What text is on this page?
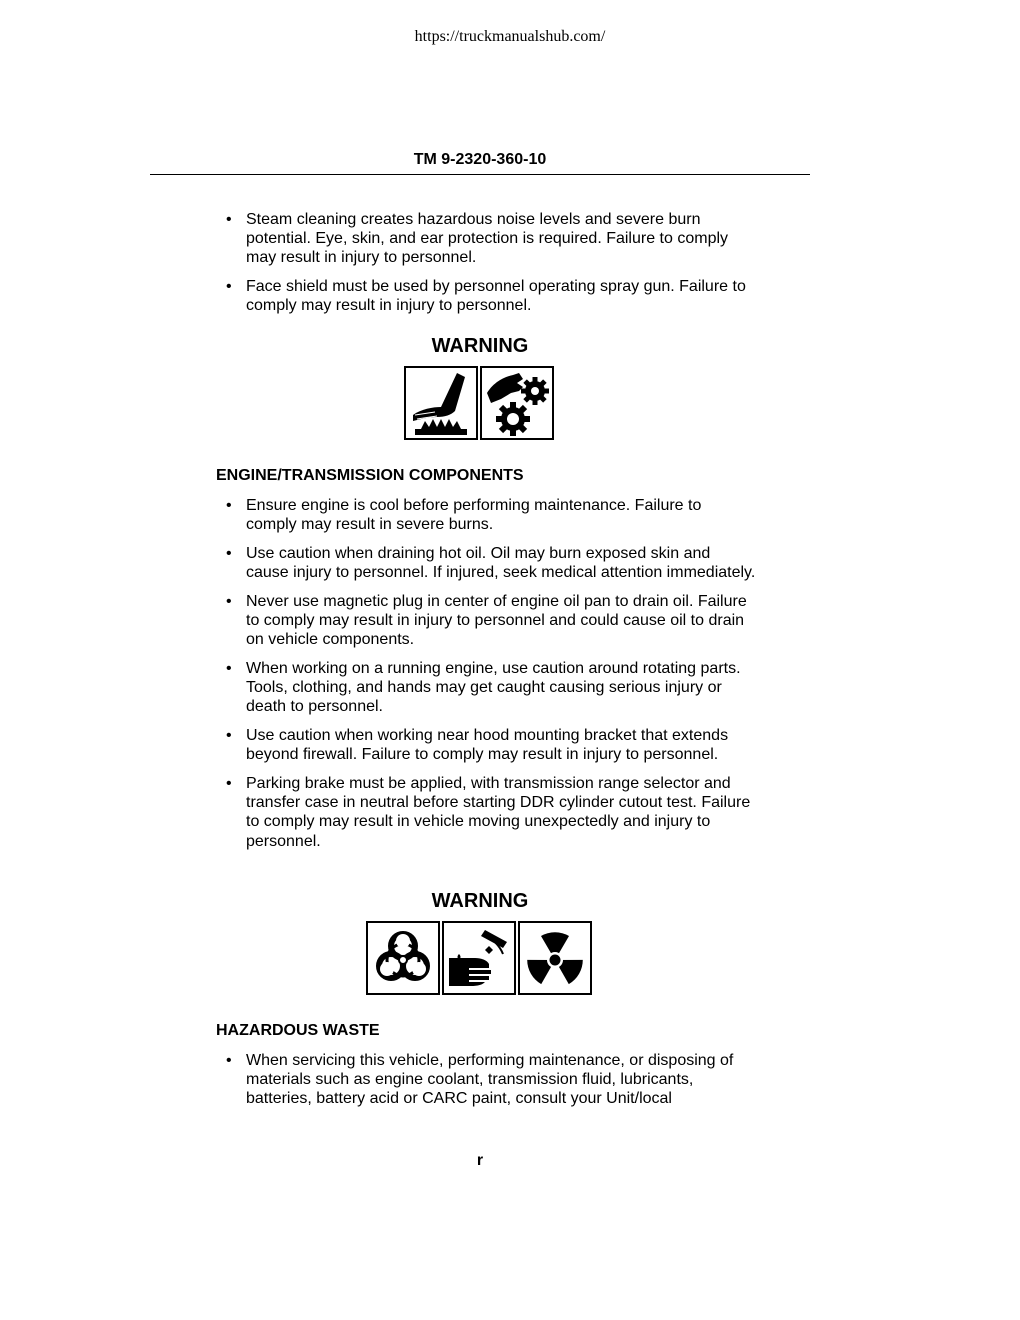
https://truckmanualshub.com/
TM 9-2320-360-10
• Steam cleaning creates hazardous noise levels and severe burn potential. Eye, skin, and ear protection is required. Failure to comply may result in injury to personnel.
• Face shield must be used by personnel operating spray gun. Failure to comply may result in injury to personnel.
WARNING
ENGINE/TRANSMISSION COMPONENTS
• Ensure engine is cool before performing maintenance. Failure to comply may result in severe burns.
• Use caution when draining hot oil. Oil may burn exposed skin and cause injury to personnel. If injured, seek medical attention immediately.
• Never use magnetic plug in center of engine oil pan to drain oil. Failure to comply may result in injury to personnel and could cause oil to drain on vehicle components.
• When working on a running engine, use caution around rotating parts. Tools, clothing, and hands may get caught causing serious injury or death to personnel.
• Use caution when working near hood mounting bracket that extends beyond firewall. Failure to comply may result in injury to personnel.
• Parking brake must be applied, with transmission range selector and transfer case in neutral before starting DDR cylinder cutout test. Failure to comply may result in vehicle moving unexpectedly and injury to personnel.
WARNING
HAZARDOUS WASTE
• When servicing this vehicle, performing maintenance, or disposing of materials such as engine coolant, transmission fluid, lubricants, batteries, battery acid or CARC paint, consult your Unit/local
r
